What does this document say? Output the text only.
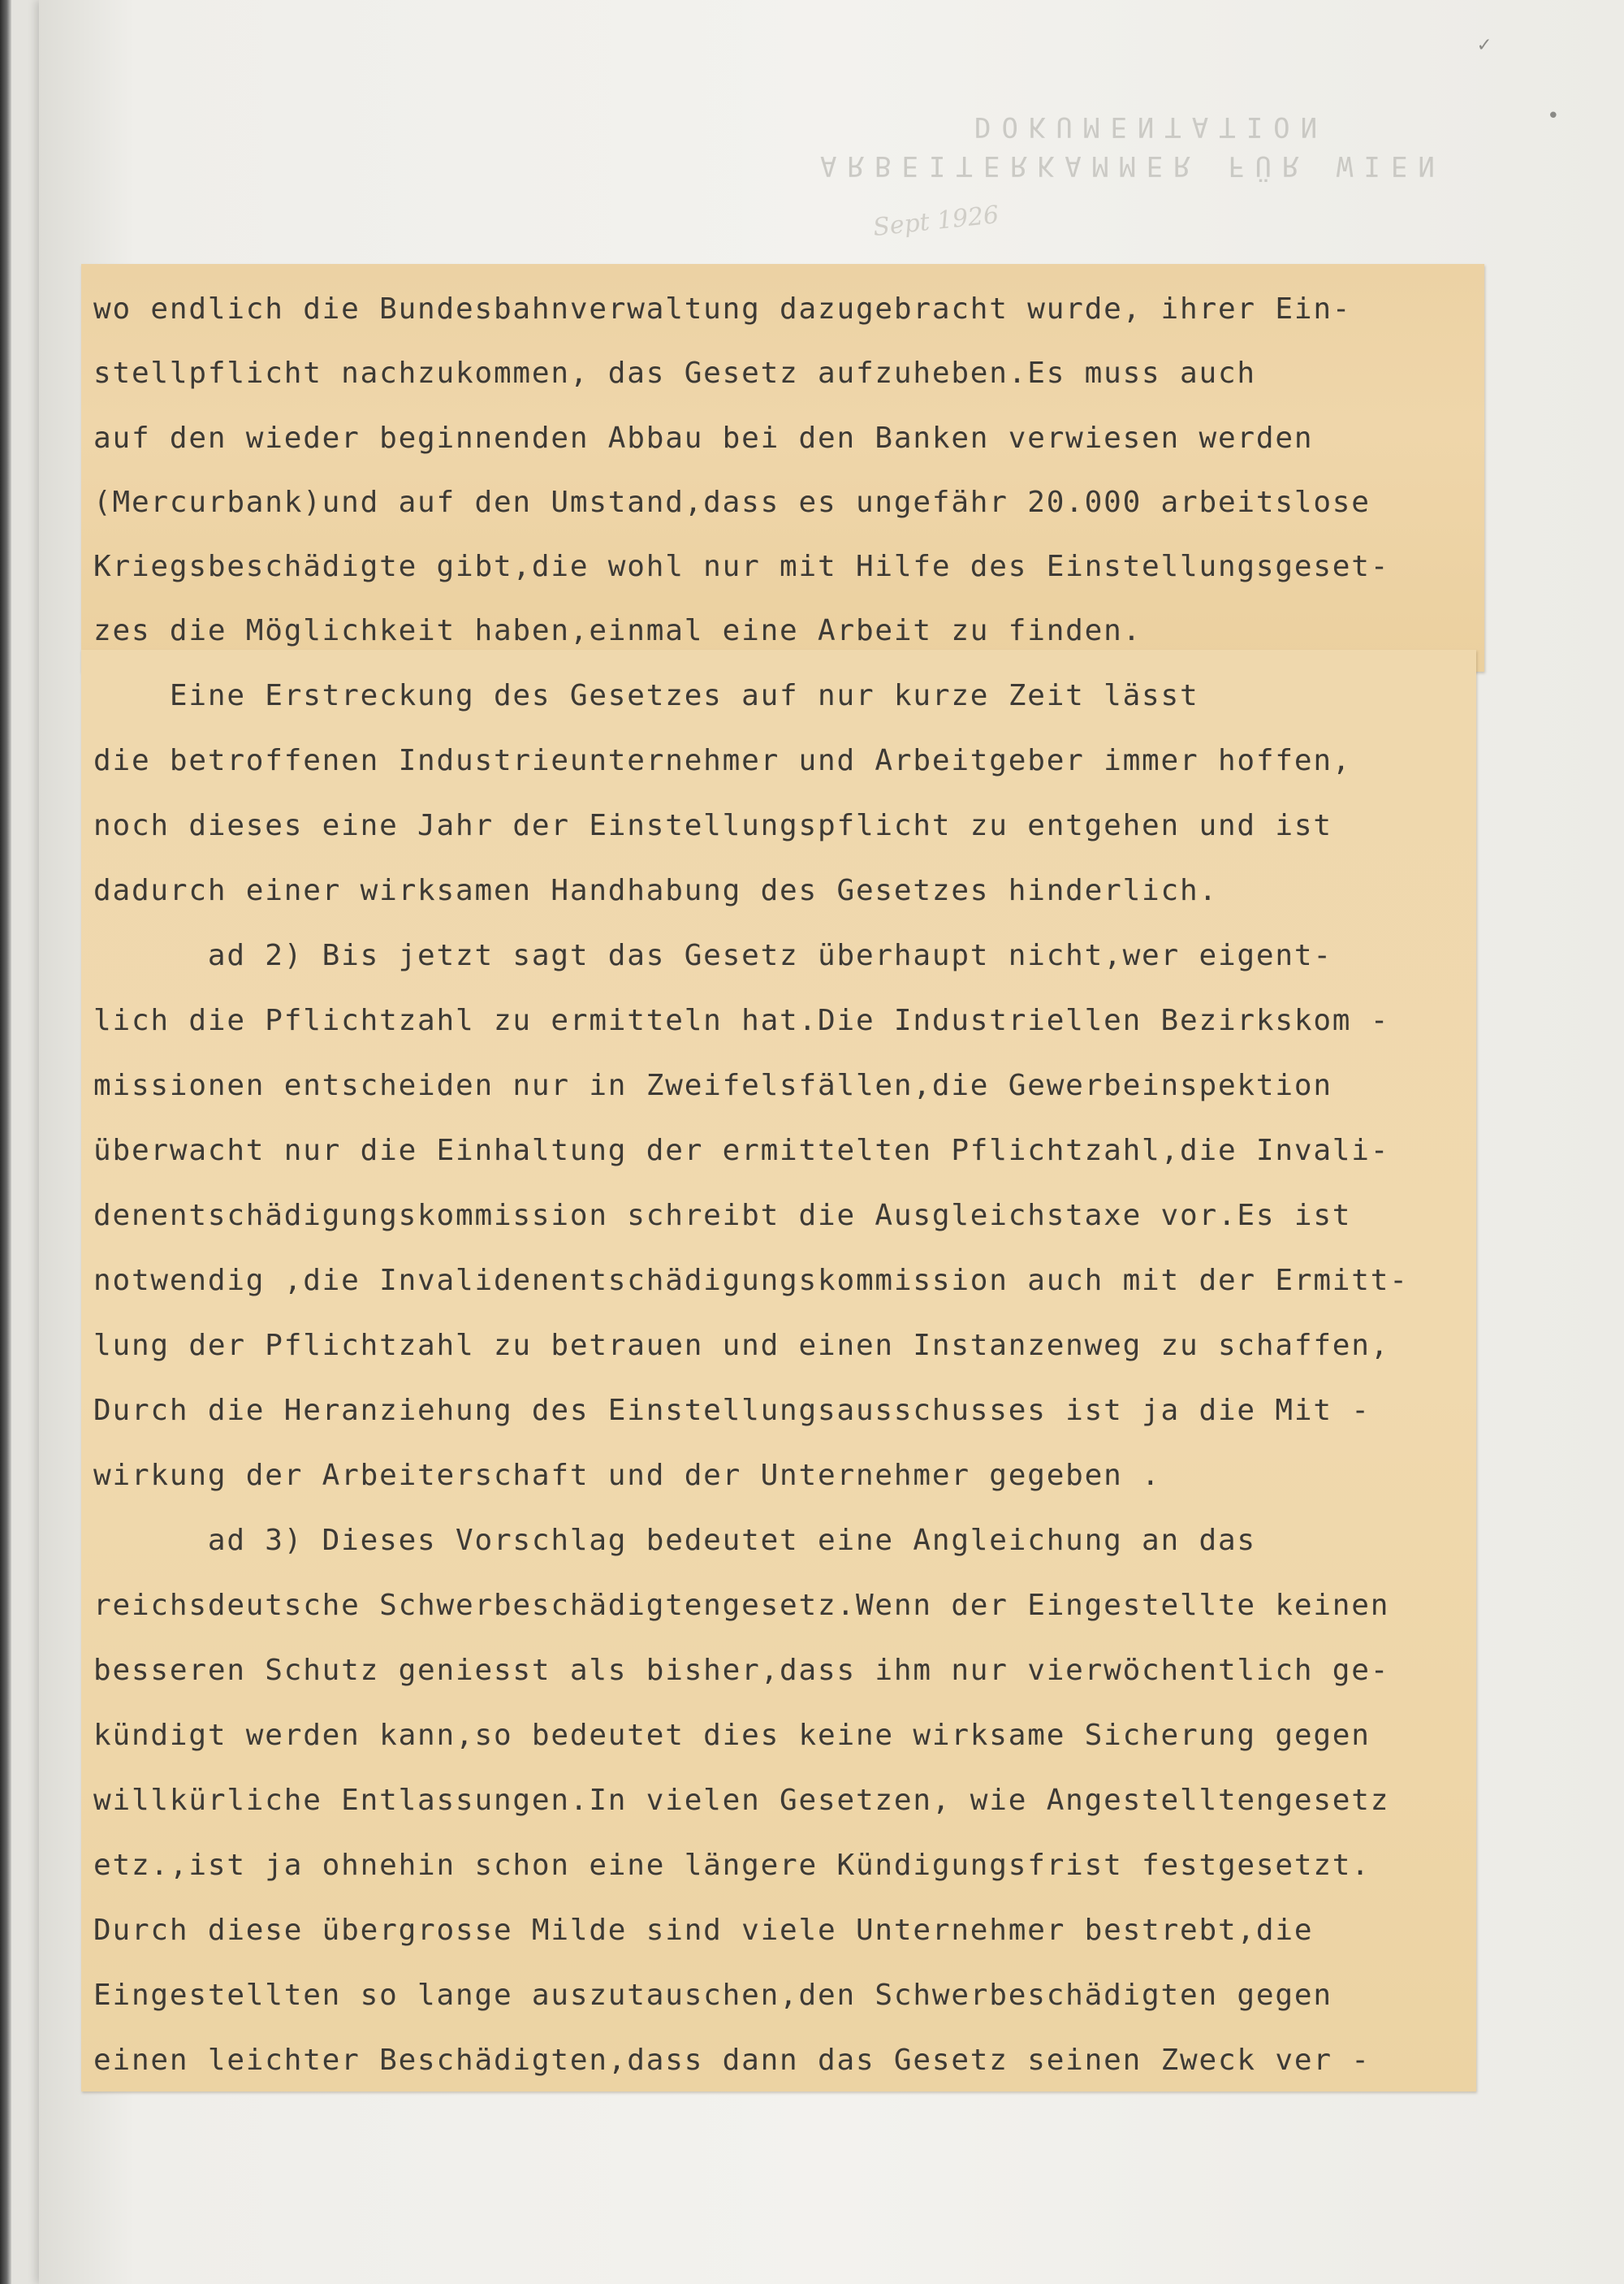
ARBEITERKAMMER FÜR WIEN
DOKUMENTATION
Sept 1926
✓
•
wo endlich die Bundesbahnverwaltung dazugebracht wurde, ihrer Ein-
stellpflicht nachzukommen, das Gesetz aufzuheben.Es muss auch
auf den wieder beginnenden Abbau bei den Banken verwiesen werden
(Mercurbank)und auf den Umstand,dass es ungefähr 20.000 arbeitslose
Kriegsbeschädigte gibt,die wohl nur mit Hilfe des Einstellungsgeset-
zes die Möglichkeit haben,einmal eine Arbeit zu finden.
Eine Erstreckung des Gesetzes auf nur kurze Zeit lässt
die betroffenen Industrieunternehmer und Arbeitgeber immer hoffen,
noch dieses eine Jahr der Einstellungspflicht zu entgehen und ist
dadurch einer wirksamen Handhabung des Gesetzes hinderlich.
ad 2) Bis jetzt sagt das Gesetz überhaupt nicht,wer eigent-
lich die Pflichtzahl zu ermitteln hat.Die Industriellen Bezirkskom -
missionen entscheiden nur in Zweifelsfällen,die Gewerbeinspektion
überwacht nur die Einhaltung der ermittelten Pflichtzahl,die Invali-
denentschädigungskommission schreibt die Ausgleichstaxe vor.Es ist
notwendig ,die Invalidenentschädigungskommission auch mit der Ermitt-
lung der Pflichtzahl zu betrauen und einen Instanzenweg zu schaffen,
Durch die Heranziehung des Einstellungsausschusses ist ja die Mit -
wirkung der Arbeiterschaft und der Unternehmer gegeben .
ad 3) Dieses Vorschlag bedeutet eine Angleichung an das
reichsdeutsche Schwerbeschädigtengesetz.Wenn der Eingestellte keinen
besseren Schutz geniesst als bisher,dass ihm nur vierwöchentlich ge-
kündigt werden kann,so bedeutet dies keine wirksame Sicherung gegen
willkürliche Entlassungen.In vielen Gesetzen, wie Angestelltengesetz
etz.,ist ja ohnehin schon eine längere Kündigungsfrist festgesetzt.
Durch diese übergrosse Milde sind viele Unternehmer bestrebt,die
Eingestellten so lange auszutauschen,den Schwerbeschädigten gegen
einen leichter Beschädigten,dass dann das Gesetz seinen Zweck ver -
